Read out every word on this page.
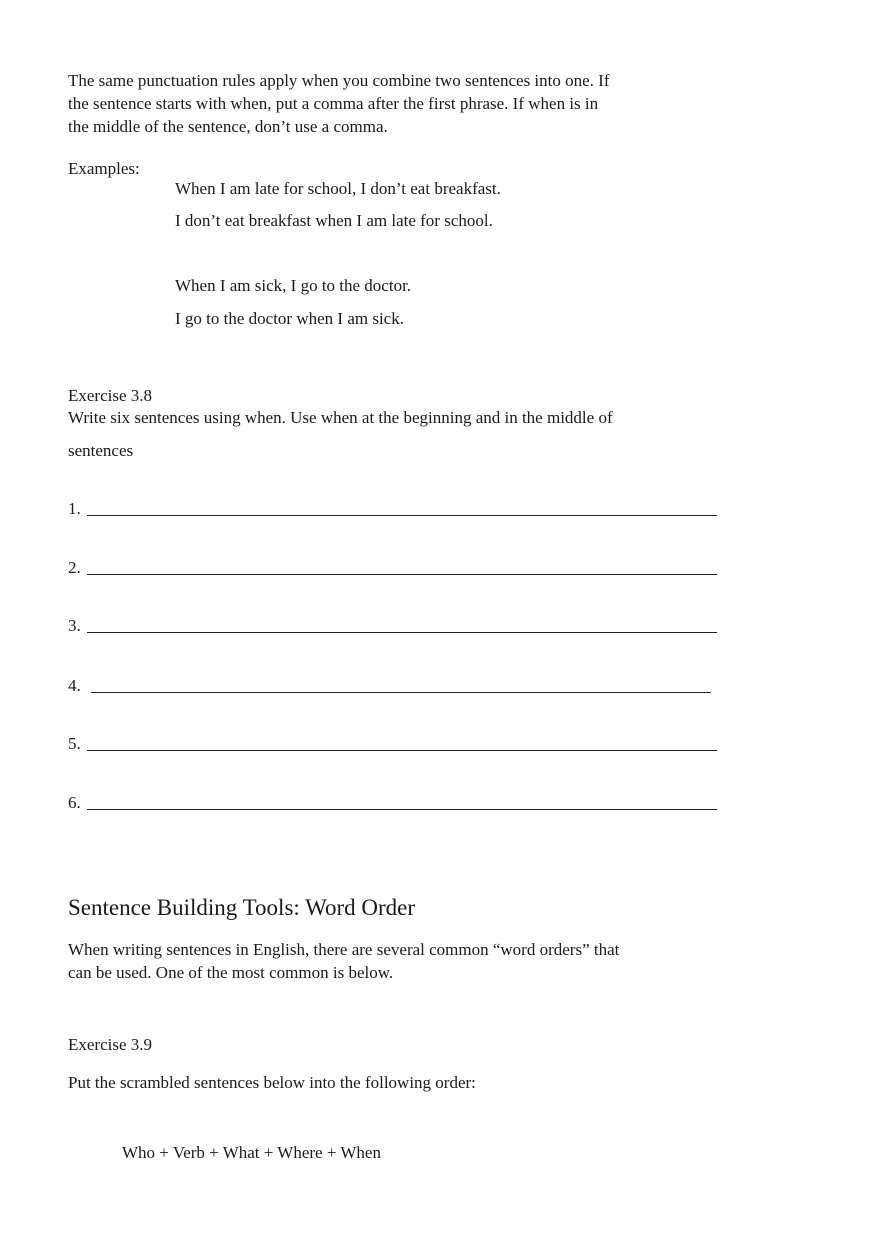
The same punctuation rules apply when you combine two sentences into one. If
the sentence starts with when, put a comma after the first phrase. If when is in
the middle of the sentence, don’t use a comma.
Examples:
When I am late for school, I don’t eat breakfast.
I don’t eat breakfast when I am late for school.
When I am sick, I go to the doctor.
I go to the doctor when I am sick.
Exercise 3.8
Write six sentences using when. Use when at the beginning and in the middle of
sentences
1.
2.
3.
4.
5.
6.
Sentence Building Tools: Word Order
When writing sentences in English, there are several common “word orders” that
can be used. One of the most common is below.
Exercise 3.9
Put the scrambled sentences below into the following order:
Who + Verb + What + Where + When
